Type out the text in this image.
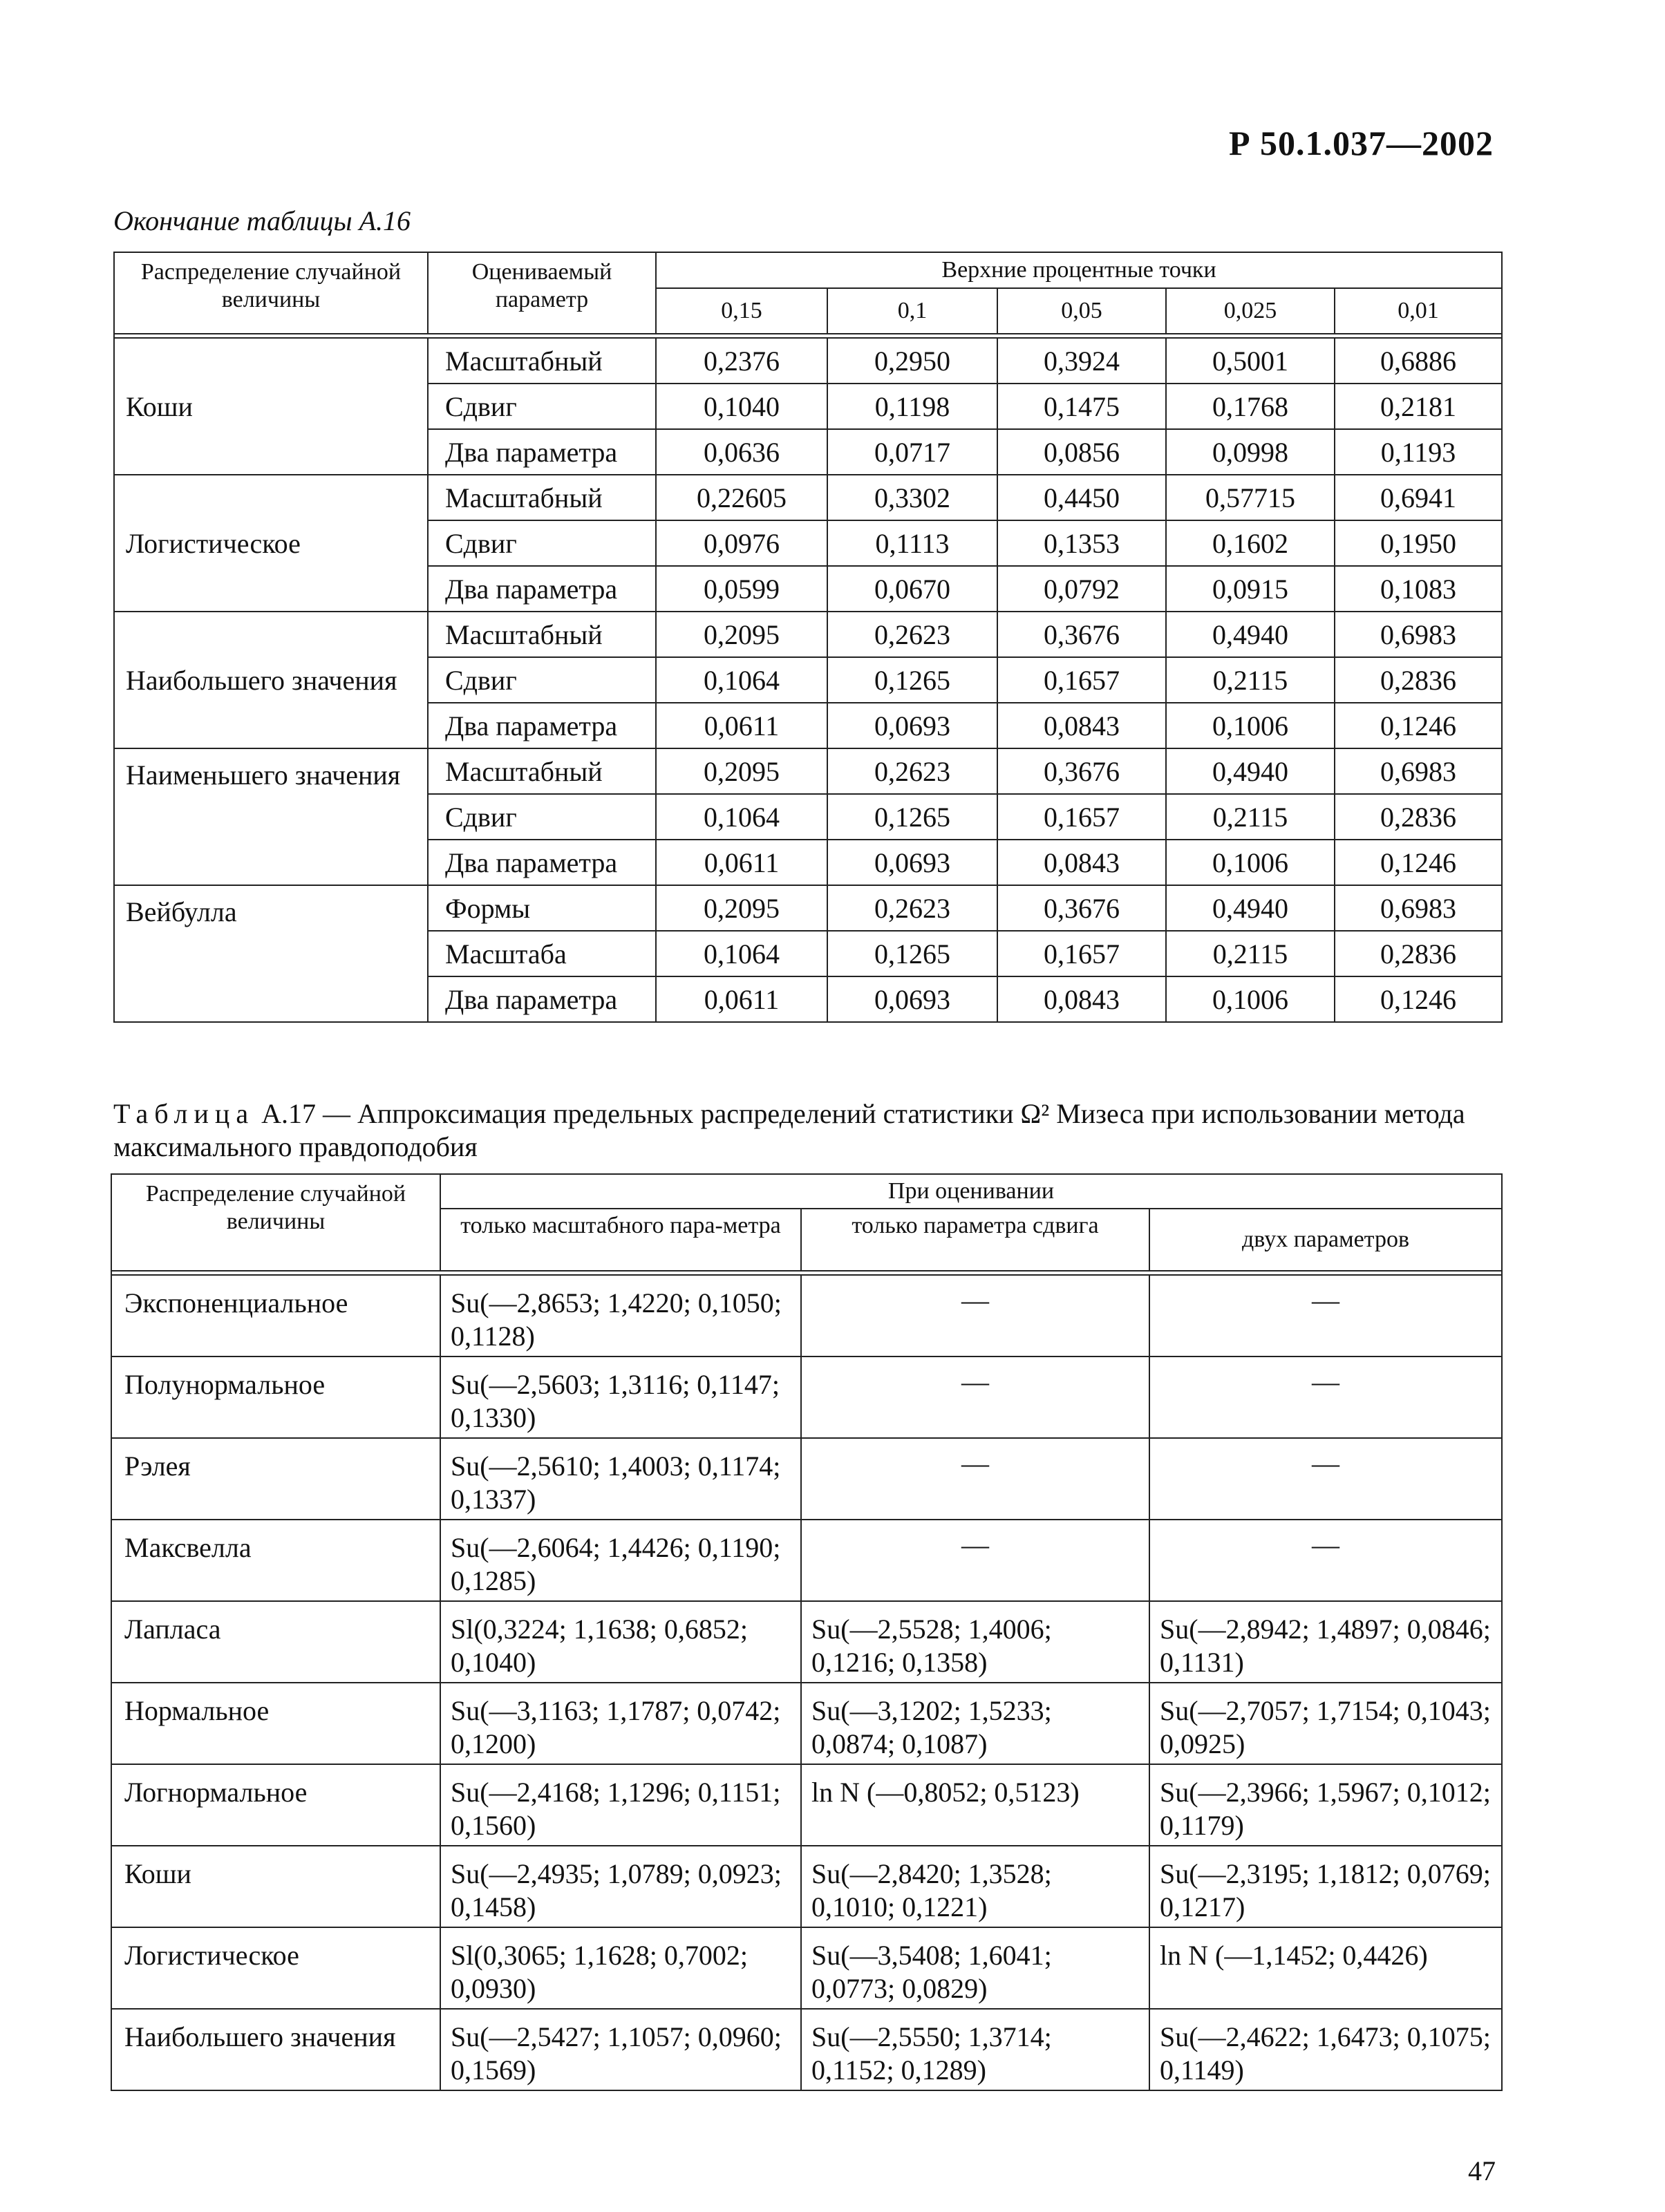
Р 50.1.037—2002
Окончание таблицы А.16
Распределение случайной величины	Оцениваемый параметр	Верхние процентные точки				
		0,15	0,1	0,05	0,025	0,01

Коши	Масштабный	0,2376	0,2950	0,3924	0,5001	0,6886
	Сдвиг	0,1040	0,1198	0,1475	0,1768	0,2181
	Два параметра	0,0636	0,0717	0,0856	0,0998	0,1193
Логистическое	Масштабный	0,22605	0,3302	0,4450	0,57715	0,6941
	Сдвиг	0,0976	0,1113	0,1353	0,1602	0,1950
	Два параметра	0,0599	0,0670	0,0792	0,0915	0,1083
Наибольшего значения	Масштабный	0,2095	0,2623	0,3676	0,4940	0,6983
	Сдвиг	0,1064	0,1265	0,1657	0,2115	0,2836
	Два параметра	0,0611	0,0693	0,0843	0,1006	0,1246
Наименьшего значения	Масштабный	0,2095	0,2623	0,3676	0,4940	0,6983
	Сдвиг	0,1064	0,1265	0,1657	0,2115	0,2836
	Два параметра	0,0611	0,0693	0,0843	0,1006	0,1246
Вейбулла	Формы	0,2095	0,2623	0,3676	0,4940	0,6983
	Масштаба	0,1064	0,1265	0,1657	0,2115	0,2836
	Два параметра	0,0611	0,0693	0,0843	0,1006	0,1246
Таблица А.17 — Аппроксимация предельных распределений статистики Ω² Мизеса при использовании метода максимального правдоподобия
Распределение случайной величины	При оценивании		
	только масштабного пара-метра	только параметра сдвига	двух параметров

Экспоненциальное	Su(—2,8653; 1,4220; 0,1050; 0,1128)	—	—
Полунормальное	Su(—2,5603; 1,3116; 0,1147; 0,1330)	—	—
Рэлея	Su(—2,5610; 1,4003; 0,1174; 0,1337)	—	—
Максвелла	Su(—2,6064; 1,4426; 0,1190; 0,1285)	—	—
Лапласа	Sl(0,3224; 1,1638; 0,6852; 0,1040)	Su(—2,5528; 1,4006; 0,1216; 0,1358)	Su(—2,8942; 1,4897; 0,0846; 0,1131)
Нормальное	Su(—3,1163; 1,1787; 0,0742; 0,1200)	Su(—3,1202; 1,5233; 0,0874; 0,1087)	Su(—2,7057; 1,7154; 0,1043; 0,0925)
Логнормальное	Su(—2,4168; 1,1296; 0,1151; 0,1560)	ln N (—0,8052; 0,5123)	Su(—2,3966; 1,5967; 0,1012; 0,1179)
Коши	Su(—2,4935; 1,0789; 0,0923; 0,1458)	Su(—2,8420; 1,3528; 0,1010; 0,1221)	Su(—2,3195; 1,1812; 0,0769; 0,1217)
Логистическое	Sl(0,3065; 1,1628; 0,7002; 0,0930)	Su(—3,5408; 1,6041; 0,0773; 0,0829)	ln N (—1,1452; 0,4426)
Наибольшего значения	Su(—2,5427; 1,1057; 0,0960; 0,1569)	Su(—2,5550; 1,3714; 0,1152; 0,1289)	Su(—2,4622; 1,6473; 0,1075; 0,1149)
47
